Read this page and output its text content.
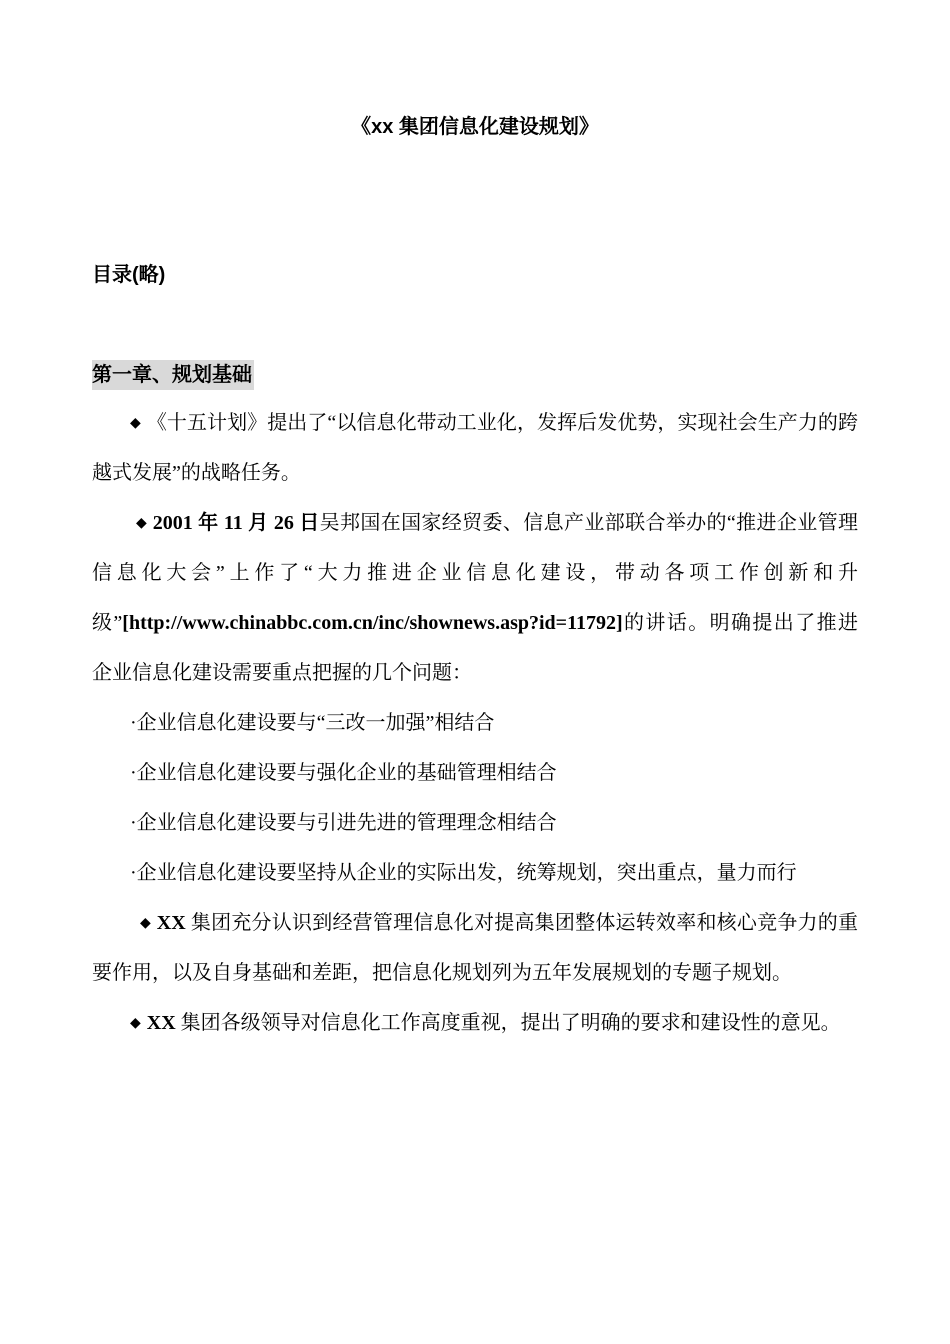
《xx 集团信息化建设规划》
目录(略)
第一章、规划基础

◆ 《十五计划》提出了“以信息化带动工业化，发挥后发优势，实现社会生产力的跨越式发展”的战略任务。

◆ 2001 年 11 月 26 日吴邦国在国家经贸委、信息产业部联合举办的“推进企业管理信息化大会”上作了“大力推进企业信息化建设，带动各项工作创新和升级”[http://www.chinabbc.com.cn/inc/shownews.asp?id=11792]的讲话。明确提出了推进企业信息化建设需要重点把握的几个问题：

·企业信息化建设要与“三改一加强”相结合

·企业信息化建设要与强化企业的基础管理相结合

·企业信息化建设要与引进先进的管理理念相结合

·企业信息化建设要坚持从企业的实际出发，统筹规划，突出重点，量力而行

◆ XX 集团充分认识到经营管理信息化对提高集团整体运转效率和核心竞争力的重要作用，以及自身基础和差距，把信息化规划列为五年发展规划的专题子规划。

◆ XX 集团各级领导对信息化工作高度重视，提出了明确的要求和建设性的意见。
